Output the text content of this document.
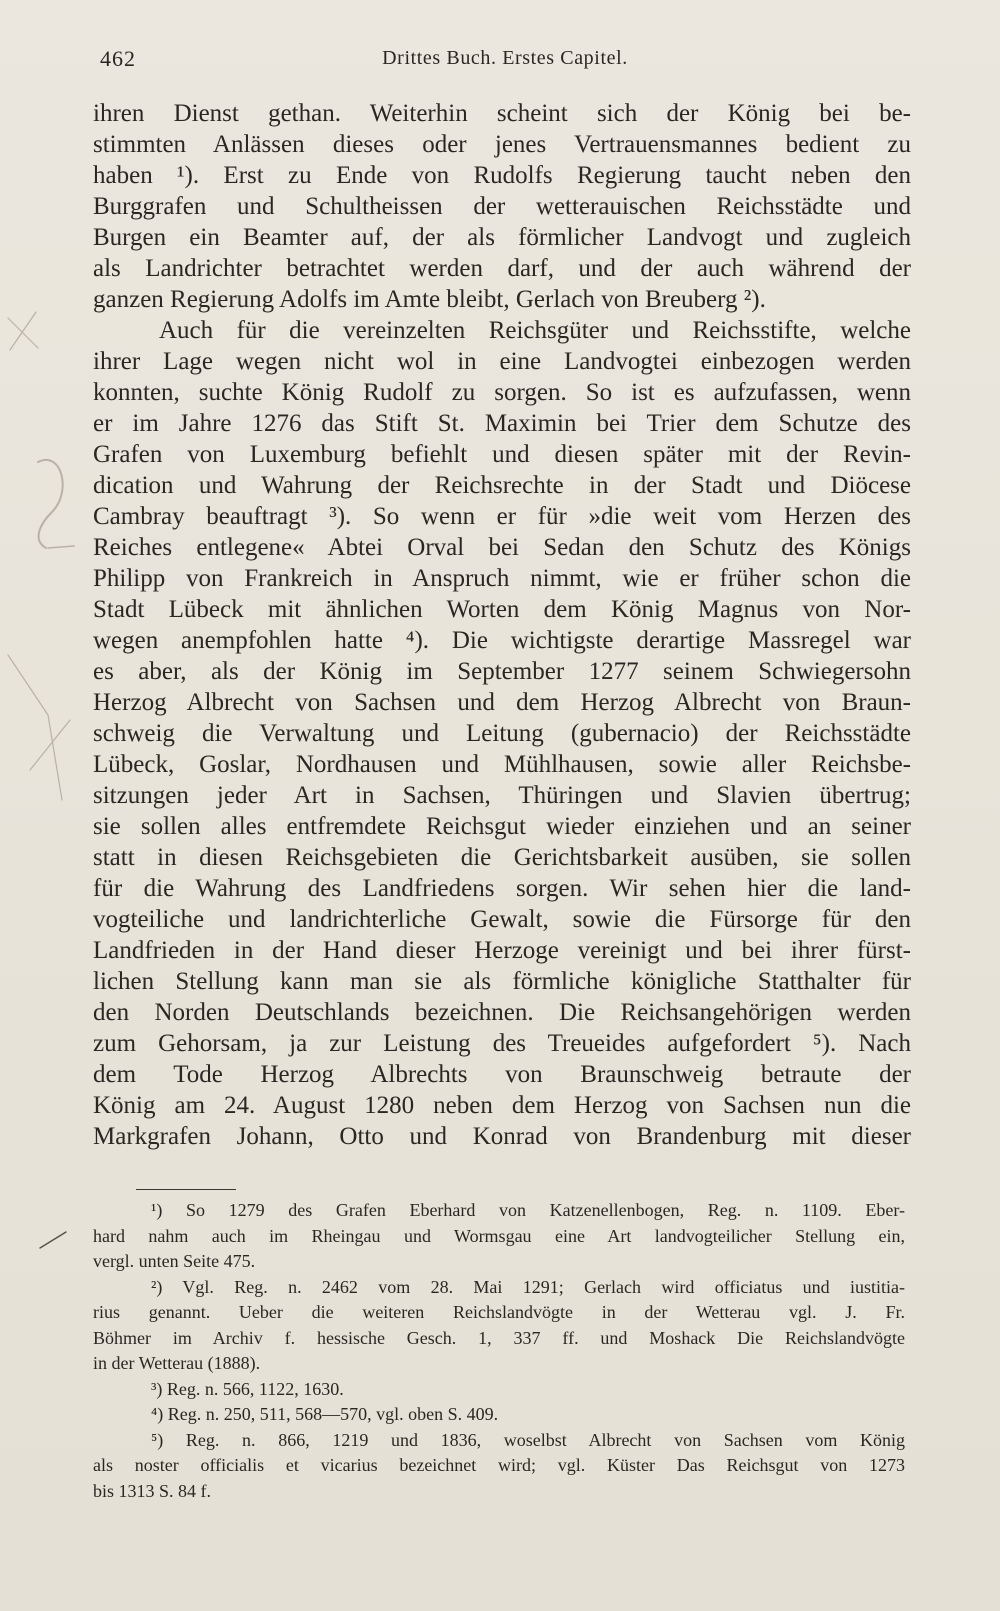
462	Drittes Buch. Erstes Capitel.
ihren Dienst gethan. Weiterhin scheint sich der König bei be-
stimmten Anlässen dieses oder jenes Vertrauensmannes bedient zu
haben ¹). Erst zu Ende von Rudolfs Regierung taucht neben den
Burggrafen und Schultheissen der wetterauischen Reichsstädte und
Burgen ein Beamter auf, der als förmlicher Landvogt und zugleich
als Landrichter betrachtet werden darf, und der auch während der
ganzen Regierung Adolfs im Amte bleibt, Gerlach von Breuberg ²).
Auch für die vereinzelten Reichsgüter und Reichsstifte, welche
ihrer Lage wegen nicht wol in eine Landvogtei einbezogen werden
konnten, suchte König Rudolf zu sorgen. So ist es aufzufassen, wenn
er im Jahre 1276 das Stift St. Maximin bei Trier dem Schutze des
Grafen von Luxemburg befiehlt und diesen später mit der Revin-
dication und Wahrung der Reichsrechte in der Stadt und Diöcese
Cambray beauftragt ³). So wenn er für »die weit vom Herzen des
Reiches entlegene« Abtei Orval bei Sedan den Schutz des Königs
Philipp von Frankreich in Anspruch nimmt, wie er früher schon die
Stadt Lübeck mit ähnlichen Worten dem König Magnus von Nor-
wegen anempfohlen hatte ⁴). Die wichtigste derartige Massregel war
es aber, als der König im September 1277 seinem Schwiegersohn
Herzog Albrecht von Sachsen und dem Herzog Albrecht von Braun-
schweig die Verwaltung und Leitung (gubernacio) der Reichsstädte
Lübeck, Goslar, Nordhausen und Mühlhausen, sowie aller Reichsbe-
sitzungen jeder Art in Sachsen, Thüringen und Slavien übertrug;
sie sollen alles entfremdete Reichsgut wieder einziehen und an seiner
statt in diesen Reichsgebieten die Gerichtsbarkeit ausüben, sie sollen
für die Wahrung des Landfriedens sorgen. Wir sehen hier die land-
vogteiliche und landrichterliche Gewalt, sowie die Fürsorge für den
Landfrieden in der Hand dieser Herzoge vereinigt und bei ihrer fürst-
lichen Stellung kann man sie als förmliche königliche Statthalter für
den Norden Deutschlands bezeichnen. Die Reichsangehörigen werden
zum Gehorsam, ja zur Leistung des Treueides aufgefordert ⁵). Nach
dem Tode Herzog Albrechts von Braunschweig betraute der
König am 24. August 1280 neben dem Herzog von Sachsen nun die
Markgrafen Johann, Otto und Konrad von Brandenburg mit dieser
¹) So 1279 des Grafen Eberhard von Katzenellenbogen, Reg. n. 1109. Eber-
hard nahm auch im Rheingau und Wormsgau eine Art landvogteilicher Stellung ein,
vergl. unten Seite 475.
²) Vgl. Reg. n. 2462 vom 28. Mai 1291; Gerlach wird officiatus und iustitia-
rius genannt. Ueber die weiteren Reichslandvögte in der Wetterau vgl. J. Fr.
Böhmer im Archiv f. hessische Gesch. 1, 337 ff. und Moshack Die Reichslandvögte
in der Wetterau (1888).
³) Reg. n. 566, 1122, 1630.
⁴) Reg. n. 250, 511, 568—570, vgl. oben S. 409.
⁵) Reg. n. 866, 1219 und 1836, woselbst Albrecht von Sachsen vom König
als noster officialis et vicarius bezeichnet wird; vgl. Küster Das Reichsgut von 1273
bis 1313 S. 84 f.
